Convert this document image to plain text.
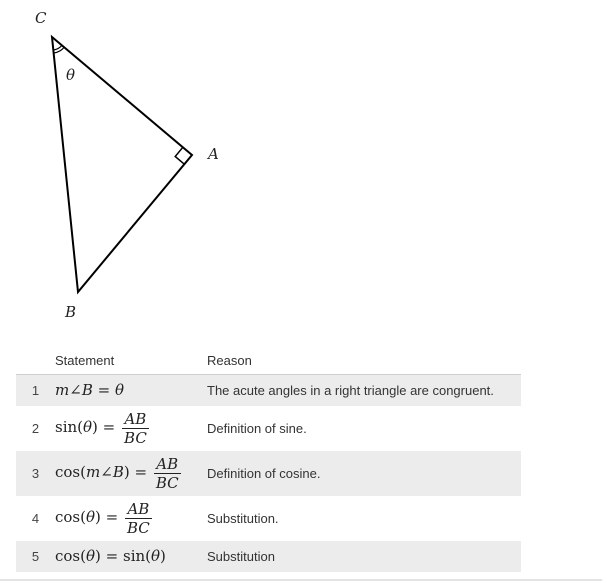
C
A
B
θ
	Statement	Reason
1	m∠B = θ	The acute angles in a right triangle are congruent.
2	$\sin(\theta) = \frac{AB}{BC}$	Definition of sine.
3	cos(m∠B) = $\frac{AB}{BC}$	Definition of cosine.
4	$\cos(\theta) = \frac{AB}{BC}$	Substitution.
5	cos(θ) = sin(θ)	Substitution
